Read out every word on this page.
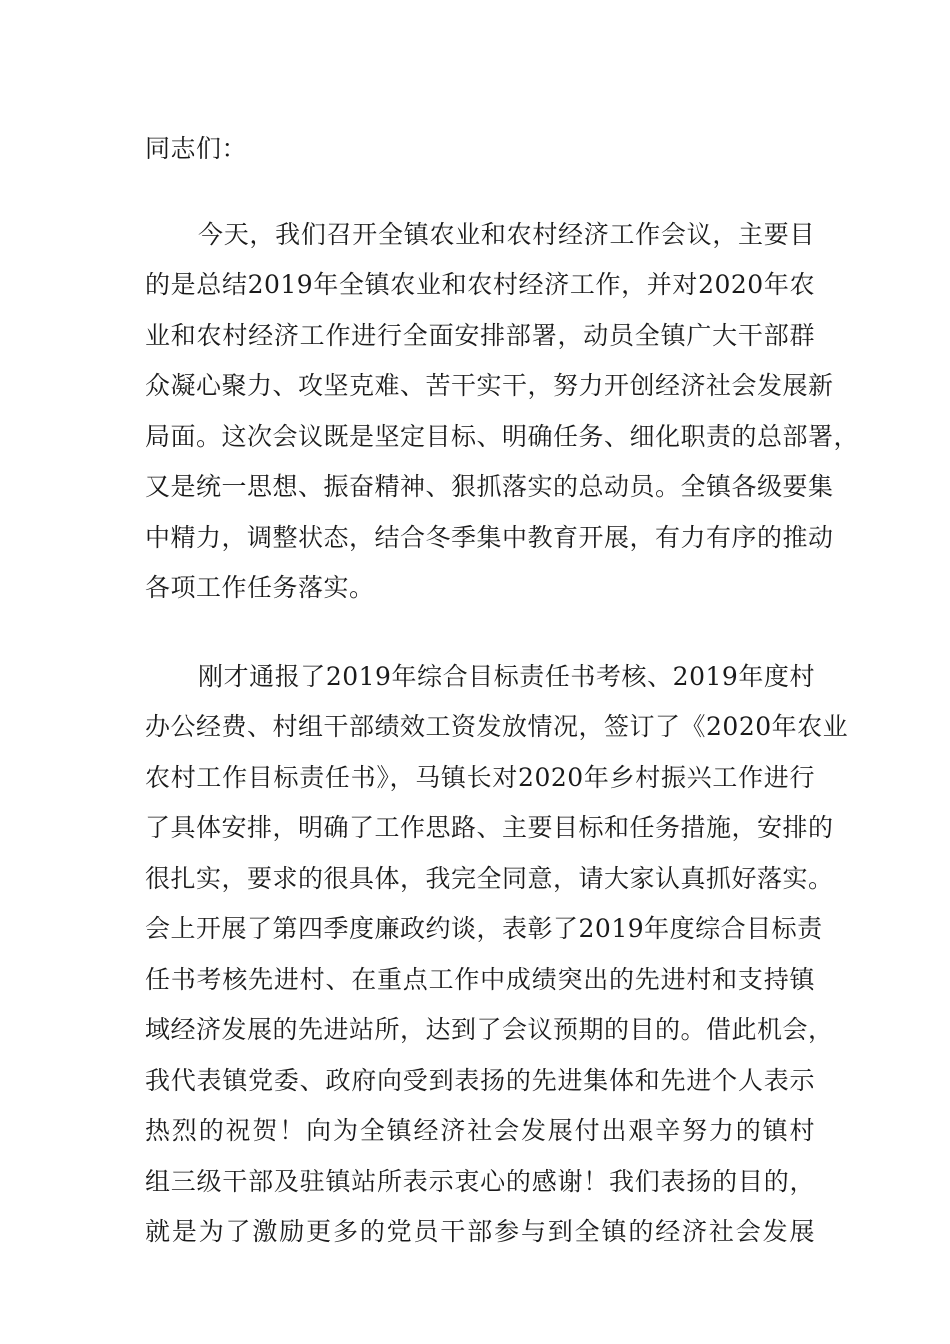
同志们：

今天，我们召开全镇农业和农村经济工作会议，主要目
的是总结2019年全镇农业和农村经济工作，并对2020年农
业和农村经济工作进行全面安排部署，动员全镇广大干部群
众凝心聚力、攻坚克难、苦干实干，努力开创经济社会发展新
局面。这次会议既是坚定目标、明确任务、细化职责的总部署，
又是统一思想、振奋精神、狠抓落实的总动员。全镇各级要集
中精力，调整状态，结合冬季集中教育开展，有力有序的推动
各项工作任务落实。
刚才通报了2019年综合目标责任书考核、2019年度村
办公经费、村组干部绩效工资发放情况，签订了《2020年农业
农村工作目标责任书》，马镇长对2020年乡村振兴工作进行
了具体安排，明确了工作思路、主要目标和任务措施，安排的
很扎实，要求的很具体，我完全同意，请大家认真抓好落实。
会上开展了第四季度廉政约谈，表彰了2019年度综合目标责
任书考核先进村、在重点工作中成绩突出的先进村和支持镇
域经济发展的先进站所，达到了会议预期的目的。借此机会，
我代表镇党委、政府向受到表扬的先进集体和先进个人表示
热烈的祝贺！向为全镇经济社会发展付出艰辛努力的镇村
组三级干部及驻镇站所表示衷心的感谢！我们表扬的目的，
就是为了激励更多的党员干部参与到全镇的经济社会发展
